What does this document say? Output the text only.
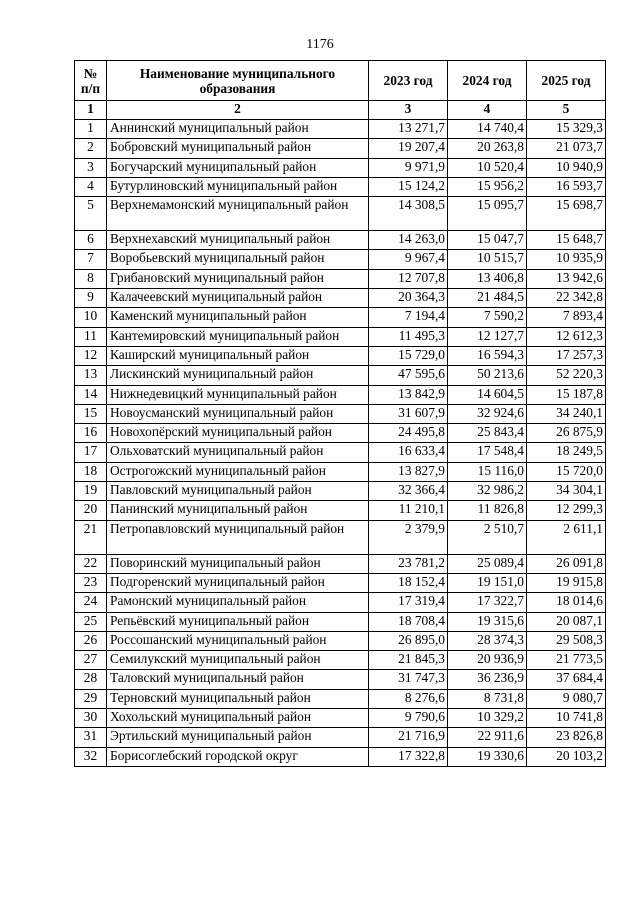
1176
№ п/п	Наименование муниципального образования	2023 год	2024 год	2025 год
1	2	3	4	5
1	Аннинский муниципальный район	13 271,7	14 740,4	15 329,3
2	Бобровский муниципальный район	19 207,4	20 263,8	21 073,7
3	Богучарский муниципальный район	9 971,9	10 520,4	10 940,9
4	Бутурлиновский муниципальный район	15 124,2	15 956,2	16 593,7
5	Верхнемамонский муниципальный район	14 308,5	15 095,7	15 698,7
6	Верхнехавский муниципальный район	14 263,0	15 047,7	15 648,7
7	Воробьевский муниципальный район	9 967,4	10 515,7	10 935,9
8	Грибановский муниципальный район	12 707,8	13 406,8	13 942,6
9	Калачеевский муниципальный район	20 364,3	21 484,5	22 342,8
10	Каменский муниципальный район	7 194,4	7 590,2	7 893,4
11	Кантемировский муниципальный район	11 495,3	12 127,7	12 612,3
12	Каширский муниципальный район	15 729,0	16 594,3	17 257,3
13	Лискинский муниципальный район	47 595,6	50 213,6	52 220,3
14	Нижнедевицкий муниципальный район	13 842,9	14 604,5	15 187,8
15	Новоусманский муниципальный район	31 607,9	32 924,6	34 240,1
16	Новохопёрский муниципальный район	24 495,8	25 843,4	26 875,9
17	Ольховатский муниципальный район	16 633,4	17 548,4	18 249,5
18	Острогожский муниципальный район	13 827,9	15 116,0	15 720,0
19	Павловский муниципальный район	32 366,4	32 986,2	34 304,1
20	Панинский муниципальный район	11 210,1	11 826,8	12 299,3
21	Петропавловский муниципальный район	2 379,9	2 510,7	2 611,1
22	Поворинский муниципальный район	23 781,2	25 089,4	26 091,8
23	Подгоренский муниципальный район	18 152,4	19 151,0	19 915,8
24	Рамонский муниципальный район	17 319,4	17 322,7	18 014,6
25	Репьёвский муниципальный район	18 708,4	19 315,6	20 087,1
26	Россошанский муниципальный район	26 895,0	28 374,3	29 508,3
27	Семилукский муниципальный район	21 845,3	20 936,9	21 773,5
28	Таловский муниципальный район	31 747,3	36 236,9	37 684,4
29	Терновский муниципальный район	8 276,6	8 731,8	9 080,7
30	Хохольский муниципальный район	9 790,6	10 329,2	10 741,8
31	Эртильский муниципальный район	21 716,9	22 911,6	23 826,8
32	Борисоглебский городской округ	17 322,8	19 330,6	20 103,2
